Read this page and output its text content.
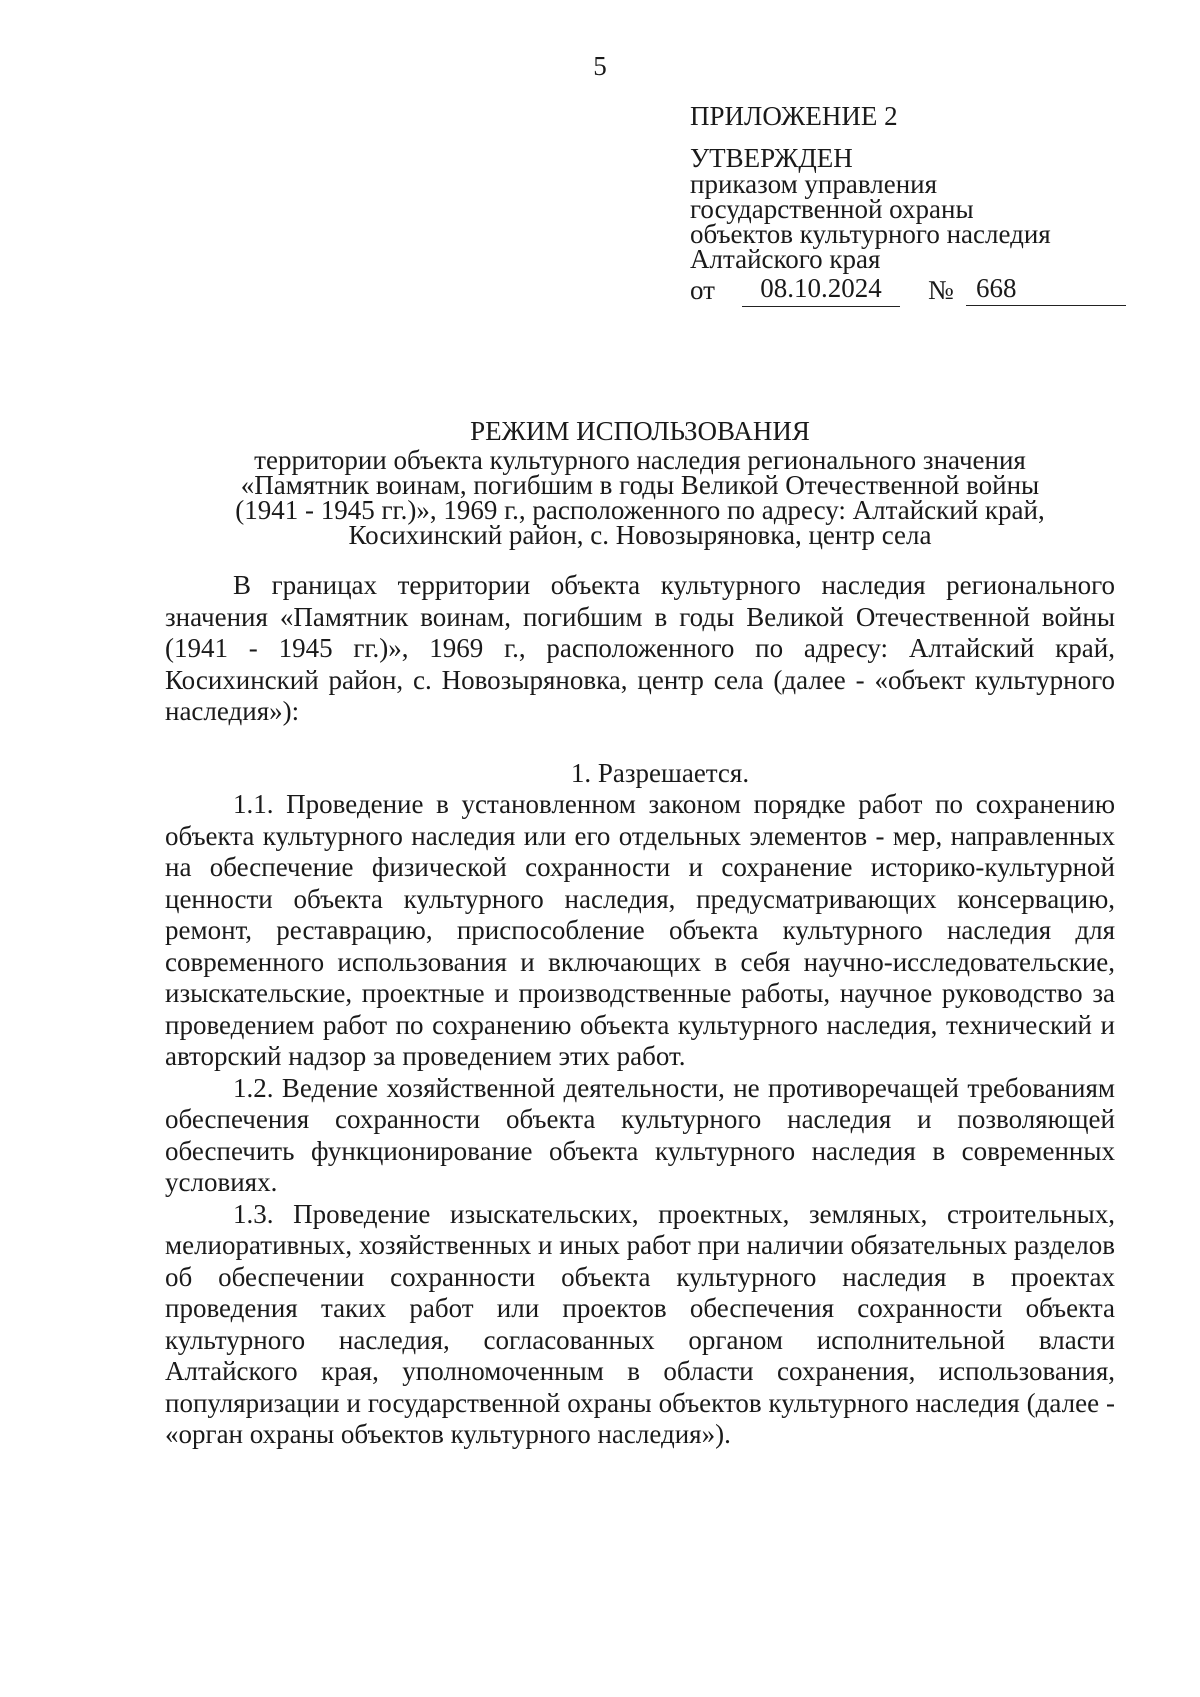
5
ПРИЛОЖЕНИЕ 2
УТВЕРЖДЕН
приказом управления
государственной охраны
объектов культурного наследия
Алтайского края
от	08.10.2024	№ 668
РЕЖИМ ИСПОЛЬЗОВАНИЯ
территории объекта культурного наследия регионального значения
«Памятник воинам, погибшим в годы Великой Отечественной войны
(1941 - 1945 гг.)», 1969 г., расположенного по адресу: Алтайский край,
Косихинский район, с. Новозыряновка, центр села

В границах территории объекта культурного наследия регионального значения «Памятник воинам, погибшим в годы Великой Отечественной войны (1941 - 1945 гг.)», 1969 г., расположенного по адресу: Алтайский край, Косихинский район, с. Новозыряновка, центр села (далее - «объект культурного наследия»):

1. Разрешается.

1.1. Проведение в установленном законом порядке работ по сохранению объекта культурного наследия или его отдельных элементов - мер, направленных на обеспечение физической сохранности и сохранение историко-культурной ценности объекта культурного наследия, предусматривающих консервацию, ремонт, реставрацию, приспособление объекта культурного наследия для современного использования и включающих в себя научно-исследовательские, изыскательские, проектные и производственные работы, научное руководство за проведением работ по сохранению объекта культурного наследия, технический и авторский надзор за проведением этих работ.

1.2. Ведение хозяйственной деятельности, не противоречащей требованиям обеспечения сохранности объекта культурного наследия и позволяющей обеспечить функционирование объекта культурного наследия в современных условиях.

1.3. Проведение изыскательских, проектных, земляных, строительных, мелиоративных, хозяйственных и иных работ при наличии обязательных разделов об обеспечении сохранности объекта культурного наследия в проектах проведения таких работ или проектов обеспечения сохранности объекта культурного наследия, согласованных органом исполнительной власти Алтайского края, уполномоченным в области сохранения, использования, популяризации и государственной охраны объектов культурного наследия (далее - «орган охраны объектов культурного наследия»).
